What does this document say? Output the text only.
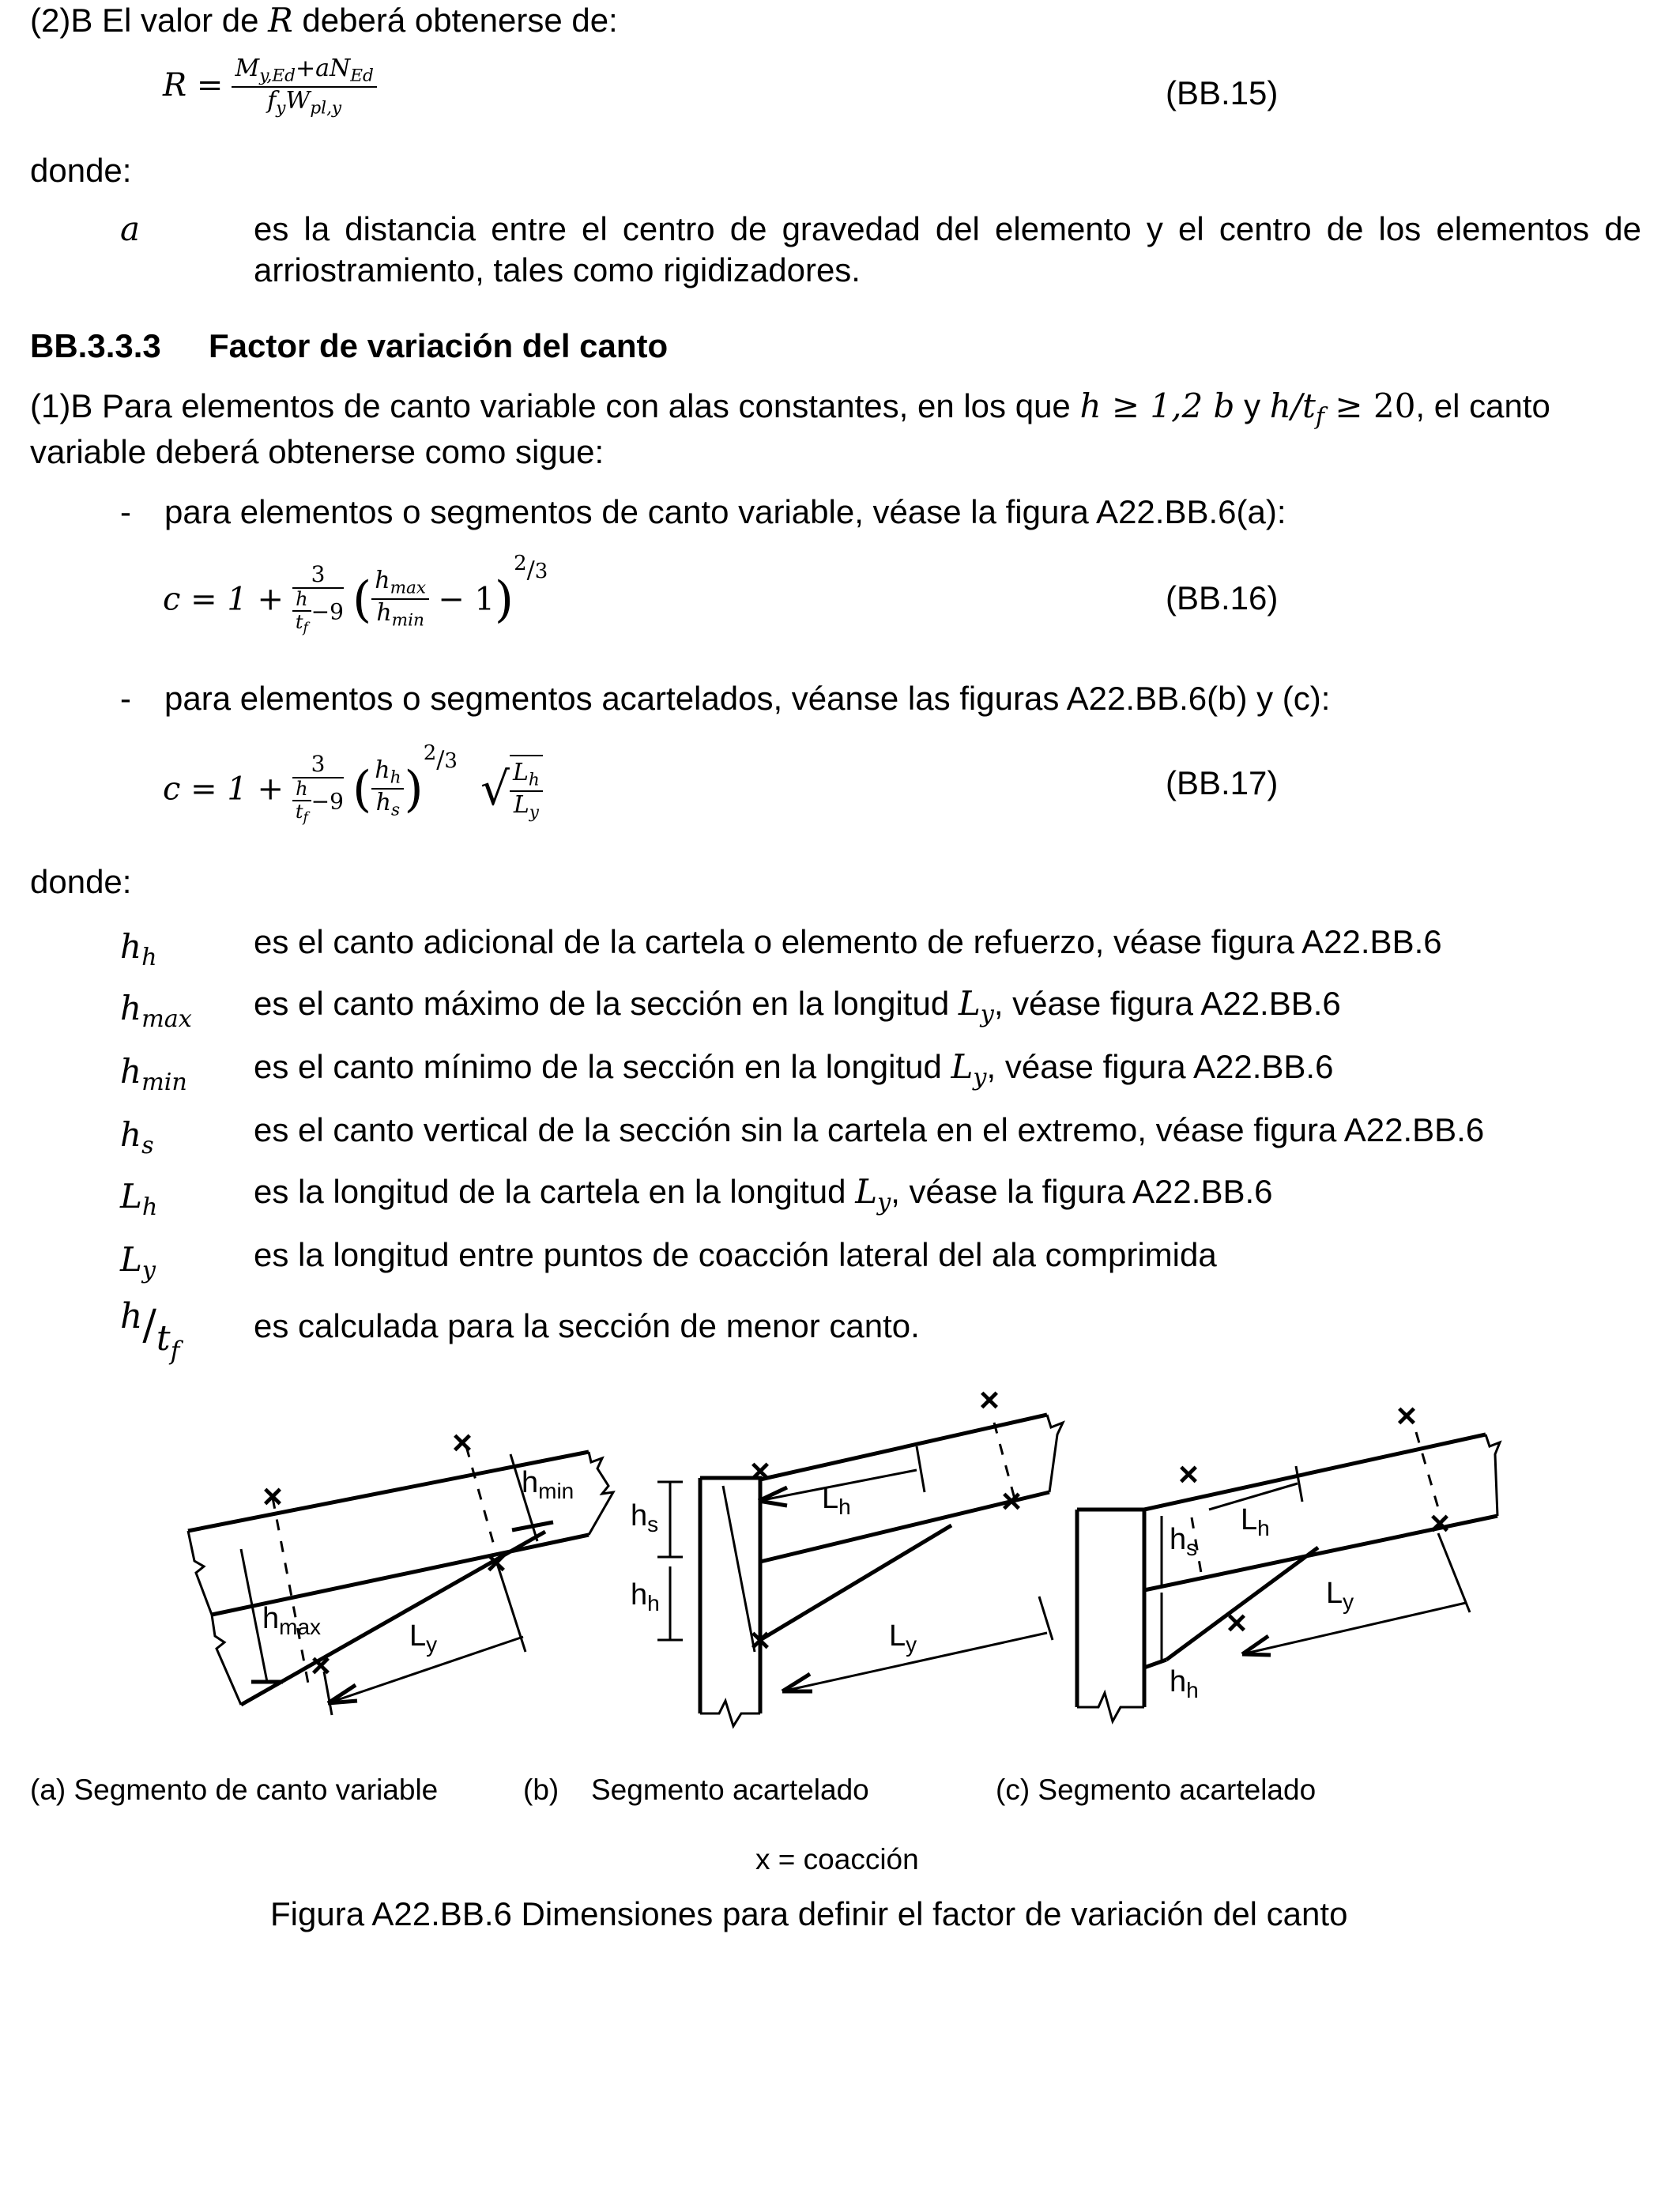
(2)B El valor de R deberá obtenerse de:
$R = \frac{M_{y,Ed}+aN_{Ed}}{f_yW_{pl,y}}$	(BB.15)
donde:
a	es la distancia entre el centro de gravedad del elemento y el centro de los elementos de arriostramiento, tales como rigidizadores.
BB.3.3.3 Factor de variación del canto
(1)B Para elementos de canto variable con alas constantes, en los que h ≥ 1,2 b y $h/t_f \ge 20$, el canto
variable deberá obtenerse como sigue:
- para elementos o segmentos de canto variable, véase la figura A22.BB.6(a):
$c = 1 + \frac{3}{\frac{h}{t_f} -9}$ ( $\frac{h_{max}}{h_{min}} - 1)^{2/3}$
(BB.16)
- para elementos o segmentos acartelados, véanse las figuras A22.BB.6(b) y (c):
$c = 1 + \frac{3}{\frac{h}{t_f} -9}$ ( $\frac{h_h}{h_s} )^{2/3}$ √ $\frac{L_h}{L_y}$	(BB.17)
donde:
$h_h$	es el canto adicional de la cartela o elemento de refuerzo, véase figura A22.BB.6
$h_{max}$ es el canto máximo de la sección en la longitud $L_y$, véase figura A22.BB.6
$h_{min}$ es el canto mínimo de la sección en la longitud $L_y$, véase figura A22.BB.6
$h_s$	es el canto vertical de la sección sin la cartela en el extremo, véase figura A22.BB.6
$L_h$	es la longitud de la cartela en la longitud $L_y$, véase la figura A22.BB.6
$L_y$	es la longitud entre puntos de coacción lateral del ala comprimida
$h/t_f$
es calculada para la sección de menor canto.
×
×
×
×
×
×
×
×
×
×
×
×
$h_{min}$
$h_{max}$	$L_y$
$h_s$
$h_h$
$L_h$
$L_y$
$h_s$
$L_h$
$h_h$
$L_y$
(a) Segmento de canto variable	(b) Segmento acartelado	(c) Segmento acartelado
x = coacción
Figura A22.BB.6 Dimensiones para definir el factor de variación del canto
